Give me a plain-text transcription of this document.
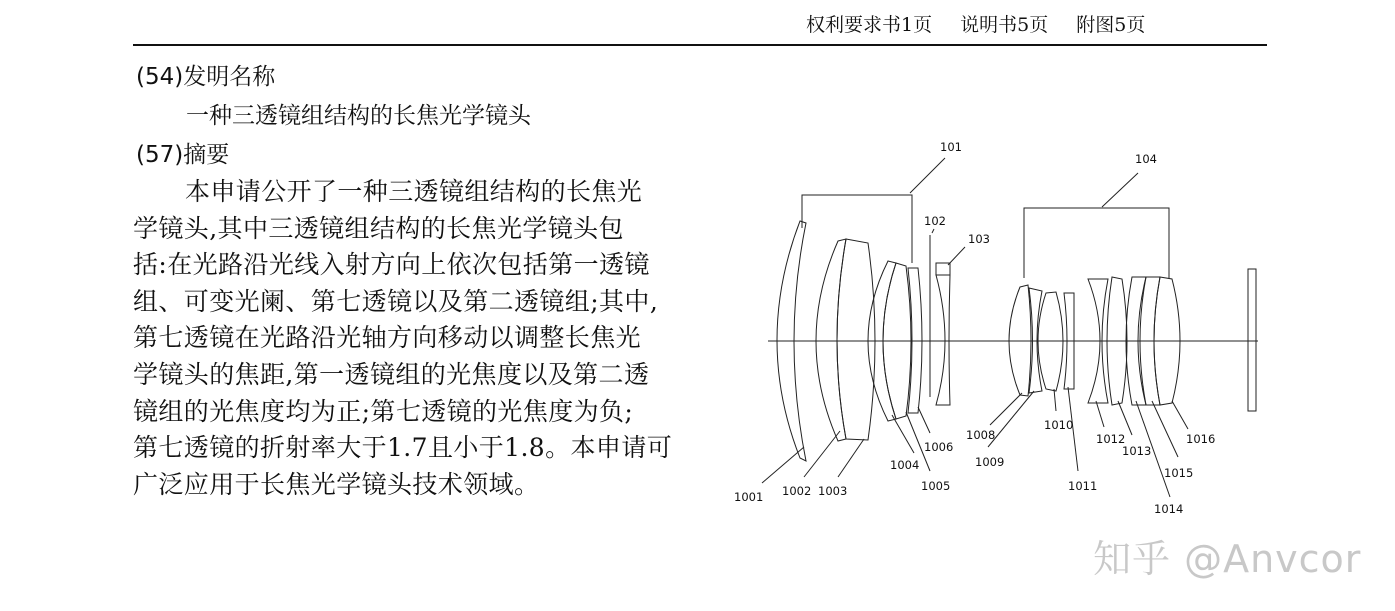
权利要求书1页 说明书5页 附图5页
(54)发明名称
一种三透镜组结构的长焦光学镜头
(57)摘要
本申请公开了一种三透镜组结构的长焦光
学镜头,其中三透镜组结构的长焦光学镜头包
括:在光路沿光线入射方向上依次包括第一透镜
组、可变光阑、第七透镜以及第二透镜组;其中,
第七透镜在光路沿光轴方向移动以调整长焦光
学镜头的焦距,第一透镜组的光焦度以及第二透
镜组的光焦度均为正;第七透镜的光焦度为负;
第七透镜的折射率大于1.7且小于1.8。本申请可
广泛应用于长焦光学镜头技术领域。
101
102
103
104
1001 1002 1003
1004
1005
1006
1008
1009
1010
1011
1012
1013
1014
1015
1016
知乎 @Anvcor
